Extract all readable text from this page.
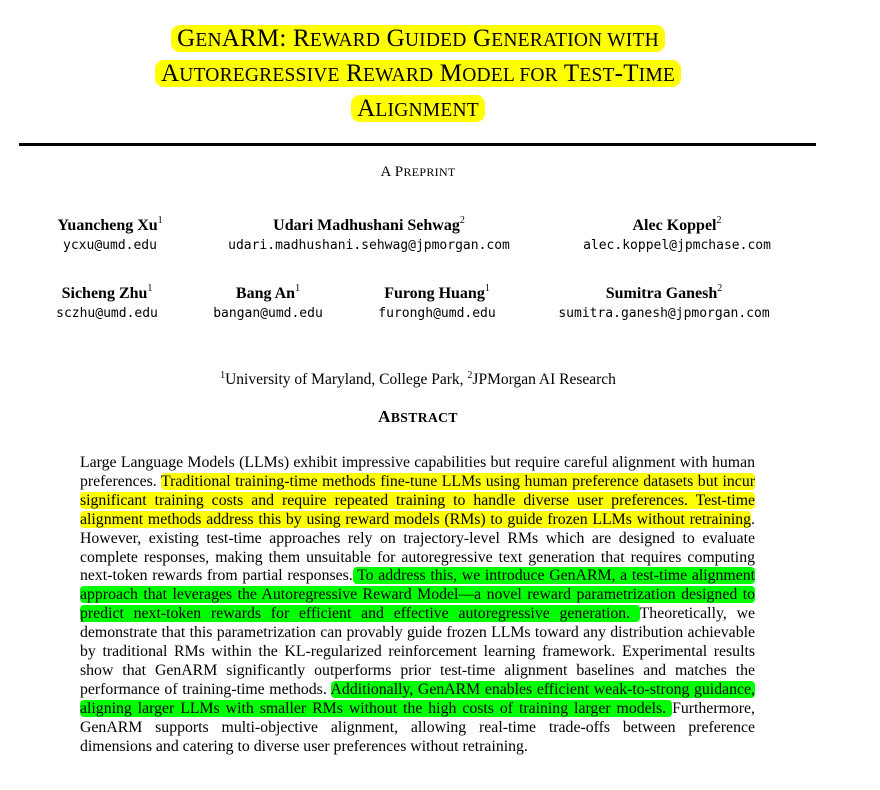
GENARM: REWARD GUIDED GENERATION WITH
AUTOREGRESSIVE REWARD MODEL FOR TEST-TIME
ALIGNMENT
A PREPRINT
Yuancheng Xu$^1$
ycxu@umd.edu
Udari Madhushani Sehwag$^2$
udari.madhushani.sehwag@jpmorgan.com
Alec Koppel$^2$
alec.koppel@jpmchase.com
Sicheng Zhu$^1$
sczhu@umd.edu
Bang An$^1$
bangan@umd.edu
Furong Huang$^1$
furongh@umd.edu
Sumitra Ganesh$^2$
sumitra.ganesh@jpmorgan.com
$^1$University of Maryland, College Park, $^2$JPMorgan AI Research
ABSTRACT
Large Language Models (LLMs) exhibit impressive capabilities but require careful alignment with human preferences. Traditional training-time methods fine-tune LLMs using human preference datasets but incur significant training costs and require repeated training to handle diverse user preferences. Test-time alignment methods address this by using reward models (RMs) to guide frozen LLMs without retraining. However, existing test-time approaches rely on trajectory-level RMs which are designed to evaluate complete responses, making them unsuitable for autoregressive text generation that requires computing next-token rewards from partial responses. To address this, we introduce GenARM, a test-time alignment approach that leverages the Autoregressive Reward Model—a novel reward parametrization designed to predict next-token rewards for efficient and effective autoregressive generation. Theoretically, we demonstrate that this parametrization can provably guide frozen LLMs toward any distribution achievable by traditional RMs within the KL-regularized reinforcement learning framework. Experimental results show that GenARM significantly outperforms prior test-time alignment baselines and matches the performance of training-time methods. Additionally, GenARM enables efficient weak-to-strong guidance, aligning larger LLMs with smaller RMs without the high costs of training larger models. Furthermore, GenARM supports multi-objective alignment, allowing real-time trade-offs between preference dimensions and catering to diverse user preferences without retraining.
